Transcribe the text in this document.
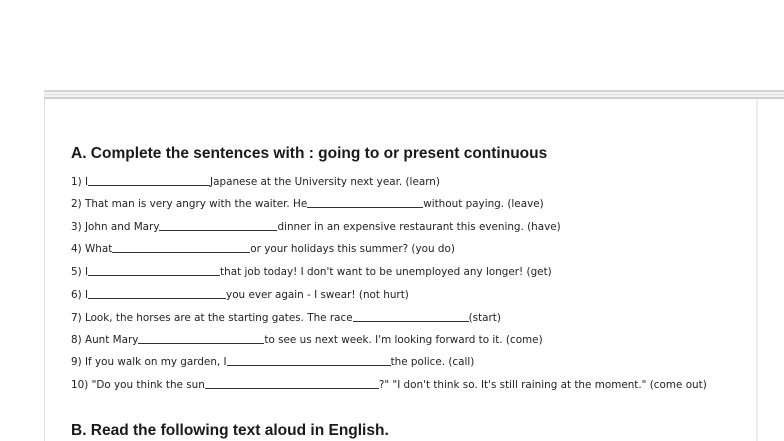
A. Complete the sentences with : going to or present continuous
1) I	Japanese at the University next year. (learn)
2) That man is very angry with the waiter. He	without paying. (leave)
3) John and Mary	dinner in an expensive restaurant this evening. (have)
4) What	or your holidays this summer? (you do)
5) I	that job today! I don't want to be unemployed any longer! (get)
6) I	you ever again - I swear! (not hurt)
7) Look, the horses are at the starting gates. The race	(start)
8) Aunt Mary	to see us next week. I'm looking forward to it. (come)
9) If you walk on my garden, I	the police. (call)
10) "Do you think the sun	?" "I don't think so. It's still raining at the moment." (come out)
B. Read the following text aloud in English.
